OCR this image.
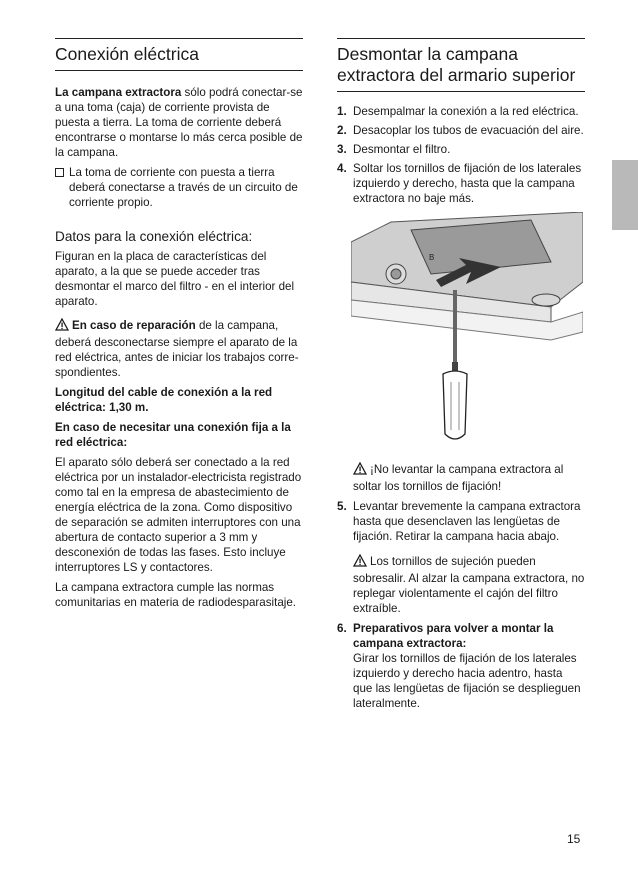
Conexión eléctrica

La campana extractora sólo podrá conectar-se a una toma (caja) de corriente provista de puesta a tierra. La toma de corriente deberá encontrarse o montarse lo más cerca posible de la campana.

La toma de corriente con puesta a tierra deberá conectarse a través de un circuito de corriente propio.
Datos para la conexión eléctrica:

Figuran en la placa de características del aparato, a la que se puede acceder tras desmontar el marco del filtro - en el interior del aparato.

En caso de reparación de la campana, deberá desconectarse siempre el aparato de la red eléctrica, antes de iniciar los trabajos corre-spondientes.

Longitud del cable de conexión a la red eléctrica: 1,30 m.

En caso de necesitar una conexión fija a la red eléctrica:

El aparato sólo deberá ser conectado a la red eléctrica por un instalador-electricista registrado como tal en la empresa de abastecimiento de energía eléctrica de la zona. Como dispositivo de separación se admiten interruptores con una abertura de contacto superior a 3 mm y desconexión de todas las fases. Esto incluye interruptores LS y contactores.

La campana extractora cumple las normas comunitarias en materia de radiodesparasitaje.

Desmontar la campana extractora del armario superior
1. Desempalmar la conexión a la red eléctrica.
2. Desacoplar los tubos de evacuación del aire.
3. Desmontar el filtro.
4. Soltar los tornillos de fijación de los laterales izquierdo y derecho, hasta que la campana extractora no baje más.
B

¡No levantar la campana extractora al soltar los tornillos de fijación!

5. Levantar brevemente la campana extractora hasta que desenclaven las lengüetas de fijación. Retirar la campana hacia abajo.

Los tornillos de sujeción pueden sobresalir. Al alzar la campana extractora, no replegar violentamente el cajón del filtro extraíble.

6. Preparativos para volver a montar la campana extractora:
Girar los tornillos de fijación de los laterales izquierdo y derecho hacia adentro, hasta que las lengüetas de fijación se desplieguen lateralmente.
15
